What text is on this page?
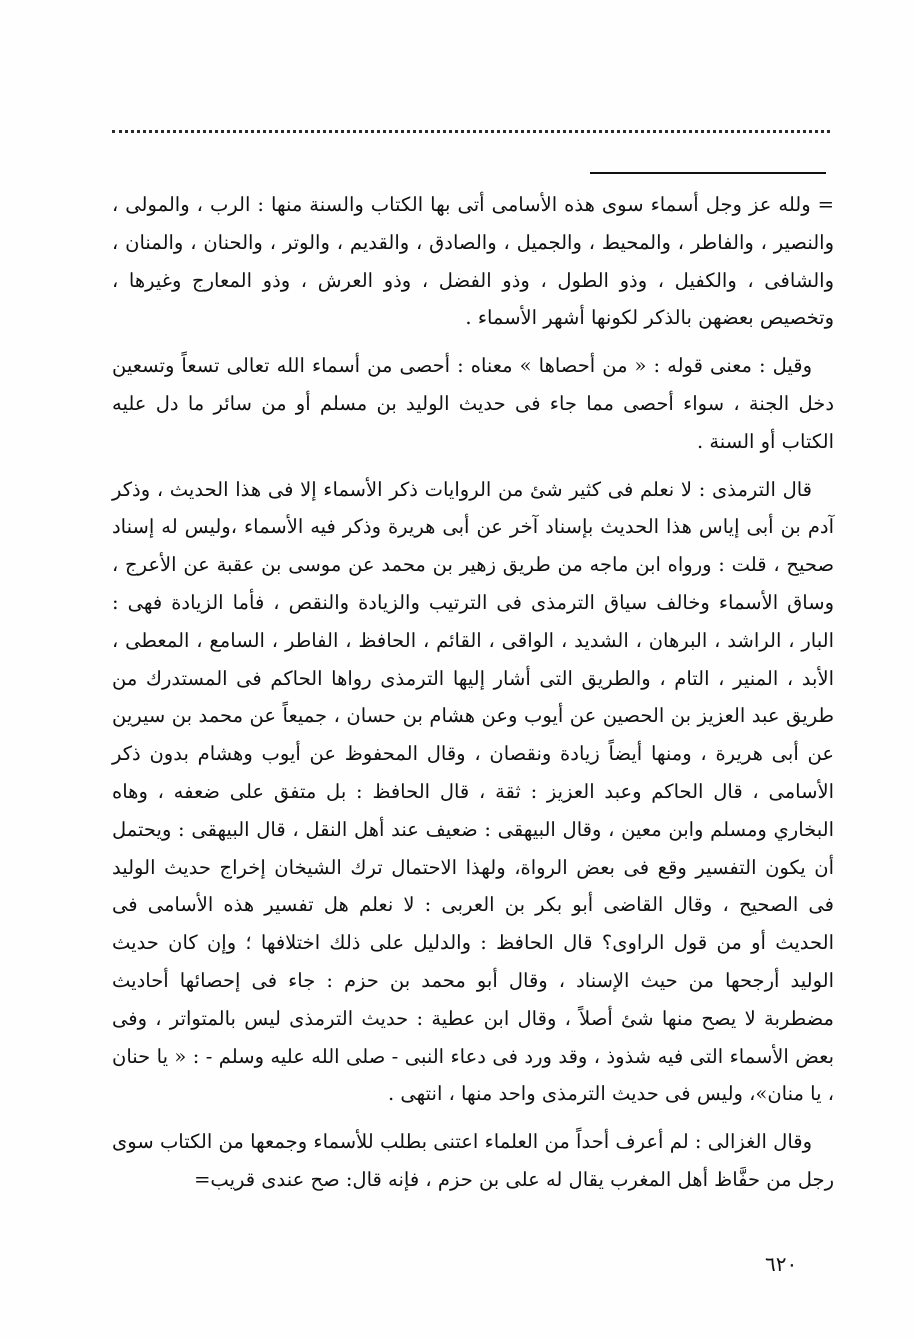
= ولله عز وجل أسماء سوى هذه الأسامى أتى بها الكتاب والسنة منها : الرب ، والمولى ، والنصير ، والفاطر ، والمحيط ، والجميل ، والصادق ، والقديم ، والوتر ، والحنان ، والمنان ، والشافى ، والكفيل ، وذو الطول ، وذو الفضل ، وذو العرش ، وذو المعارج وغيرها ، وتخصيص بعضهن بالذكر لكونها أشهر الأسماء .

وقيل : معنى قوله : « من أحصاها » معناه : أحصى من أسماء الله تعالى تسعاً وتسعين دخل الجنة ، سواء أحصى مما جاء فى حديث الوليد بن مسلم أو من سائر ما دل عليه الكتاب أو السنة .

قال الترمذى : لا نعلم فى كثير شئ من الروايات ذكر الأسماء إلا فى هذا الحديث ، وذكر آدم بن أبى إياس هذا الحديث بإسناد آخر عن أبى هريرة وذكر فيه الأسماء ،وليس له إسناد صحيح ، قلت : ورواه ابن ماجه من طريق زهير بن محمد عن موسى بن عقبة عن الأعرج ، وساق الأسماء وخالف سياق الترمذى فى الترتيب والزيادة والنقص ، فأما الزيادة فهى : البار ، الراشد ، البرهان ، الشديد ، الواقى ، القائم ، الحافظ ، الفاطر ، السامع ، المعطى ، الأبد ، المنير ، التام ، والطريق التى أشار إليها الترمذى رواها الحاكم فى المستدرك من طريق عبد العزيز بن الحصين عن أيوب وعن هشام بن حسان ، جميعاً عن محمد بن سيرين عن أبى هريرة ، ومنها أيضاً زيادة ونقصان ، وقال المحفوظ عن أيوب وهشام بدون ذكر الأسامى ، قال الحاكم وعبد العزيز : ثقة ، قال الحافظ : بل متفق على ضعفه ، وهاه البخاري ومسلم وابن معين ، وقال البيهقى : ضعيف عند أهل النقل ، قال البيهقى : ويحتمل أن يكون التفسير وقع فى بعض الرواة، ولهذا الاحتمال ترك الشيخان إخراج حديث الوليد فى الصحيح ، وقال القاضى أبو بكر بن العربى : لا نعلم هل تفسير هذه الأسامى فى الحديث أو من قول الراوى؟ قال الحافظ : والدليل على ذلك اختلافها ؛ وإن كان حديث الوليد أرجحها من حيث الإسناد ، وقال أبو محمد بن حزم : جاء فى إحصائها أحاديث مضطربة لا يصح منها شئ أصلاً ، وقال ابن عطية : حديث الترمذى ليس بالمتواتر ، وفى بعض الأسماء التى فيه شذوذ ، وقد ورد فى دعاء النبى - صلى الله عليه وسلم - : « يا حنان ، يا منان»، وليس فى حديث الترمذى واحد منها ، انتهى .

وقال الغزالى : لم أعرف أحداً من العلماء اعتنى بطلب للأسماء وجمعها من الكتاب سوى رجل من حفَّاظ أهل المغرب يقال له على بن حزم ، فإنه قال: صح عندى قريب=

٦٢٠
